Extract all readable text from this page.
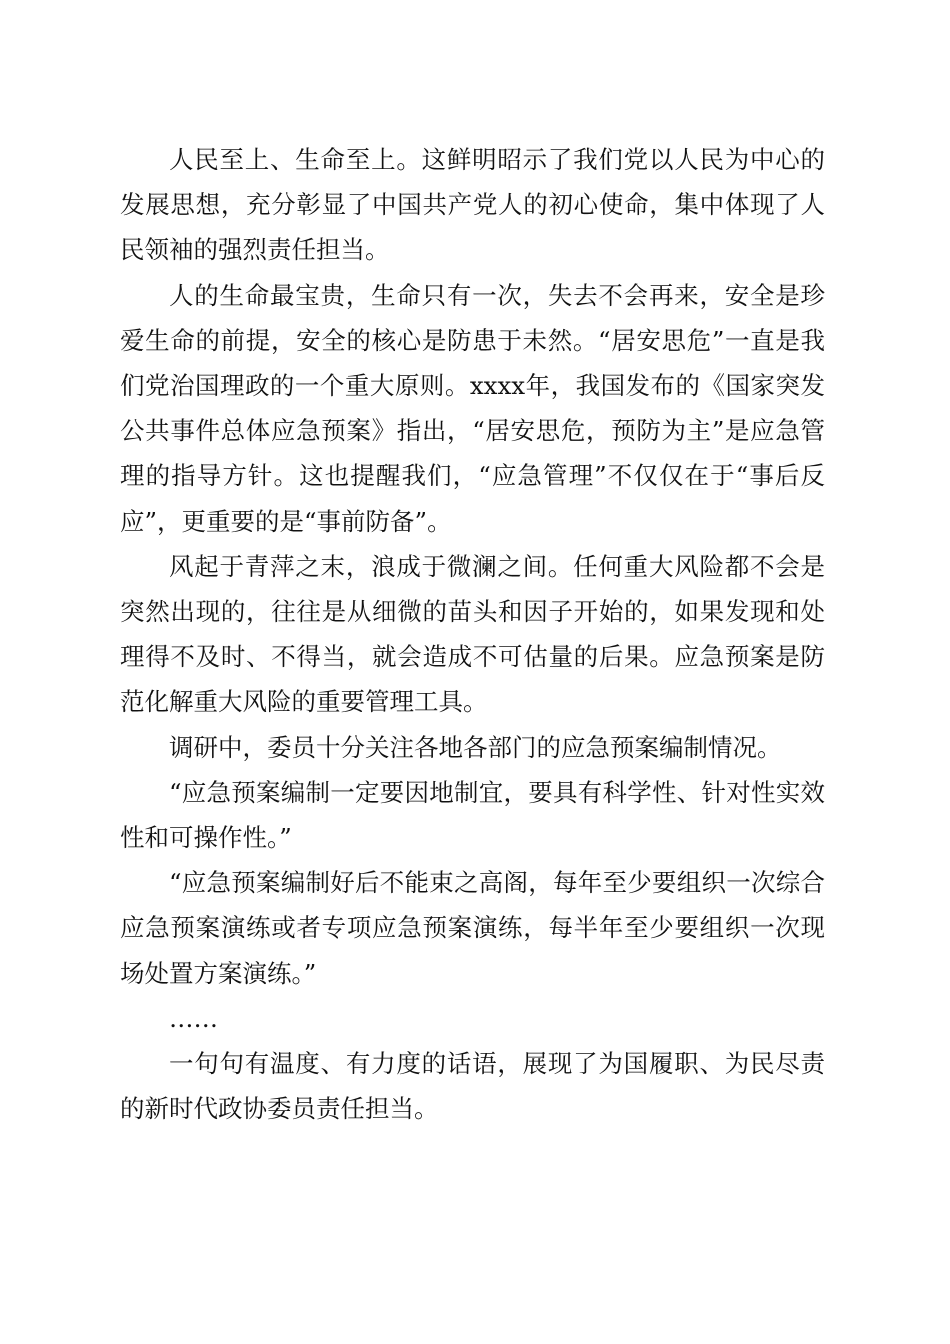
人民至上、生命至上。这鲜明昭示了我们党以人民为中心的发展思想，充分彰显了中国共产党人的初心使命，集中体现了人民领袖的强烈责任担当。

人的生命最宝贵，生命只有一次，失去不会再来，安全是珍爱生命的前提，安全的核心是防患于未然。“居安思危”一直是我们党治国理政的一个重大原则。xxxx年，我国发布的《国家突发公共事件总体应急预案》指出，“居安思危，预防为主”是应急管理的指导方针。这也提醒我们，“应急管理”不仅仅在于“事后反应”，更重要的是“事前防备”。

风起于青萍之末，浪成于微澜之间。任何重大风险都不会是突然出现的，往往是从细微的苗头和因子开始的，如果发现和处理得不及时、不得当，就会造成不可估量的后果。应急预案是防范化解重大风险的重要管理工具。

调研中，委员十分关注各地各部门的应急预案编制情况。

“应急预案编制一定要因地制宜，要具有科学性、针对性实效性和可操作性。”

“应急预案编制好后不能束之高阁，每年至少要组织一次综合应急预案演练或者专项应急预案演练，每半年至少要组织一次现场处置方案演练。”

……

一句句有温度、有力度的话语，展现了为国履职、为民尽责的新时代政协委员责任担当。
